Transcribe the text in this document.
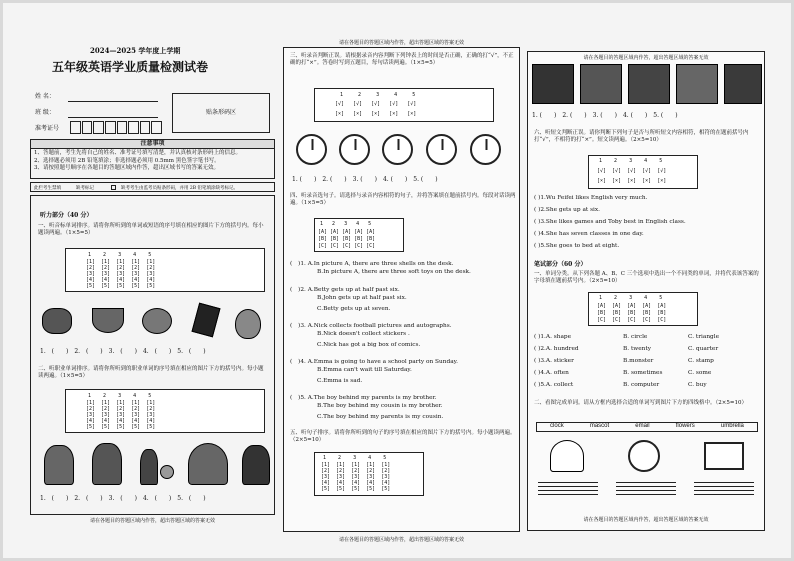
2024—2025 学年度上学期
五年级英语学业质量检测试卷
姓 名：
班 级：
准考证号
贴条形码区
注意事项
1、答题前，考生先将自己的姓名、准考证号填写清楚，并认真核对条形码上的信息。
2、选择题必须用 2B 铅笔填涂；非选择题必须用 0.5mm 黑色签字笔书写。
3、请按照题号顺序在各题目的答题区域内作答，超出区域书写的答案无效。
此栏考生禁填	缺考标记	缺考考生由监考员贴条形码，并用 2B 铅笔填涂缺考标记。
听力部分（40 分）
一、听音标单词排序。请将你所听到的单词或短语的序号填在相应的图片下方的括号内。每小题读两遍。（1×5=5）
1    2    3    4    5
[1]  [1]  [1]  [1]  [1]
[2]  [2]  [2]  [2]  [2]
[3]  [3]  [3]  [3]  [3]
[4]  [4]  [4]  [4]  [4]
[5]  [5]  [5]  [5]  [5]
1. (　　)　2. (　　)　3. (　　)　4. (　　)　5. (　　)
二、听职业单词排序。请将你所听到的职业单词的序号填在相应的图片下方的括号内。每小题读两遍。（1×5=5）
1    2    3    4    5
[1]  [1]  [1]  [1]  [1]
[2]  [2]  [2]  [2]  [2]
[3]  [3]  [3]  [3]  [3]
[4]  [4]  [4]  [4]  [4]
[5]  [5]  [5]  [5]  [5]
1. (　　)　2. (　　)　3. (　　)　4. (　　)　5. (　　)
请在各题目的答题区域内作答，超出答题区域的答案无效
请在各题目的答题区域内作答，超出答题区域的答案无效
三、听录音判断正误。请根据录音内容判断下列钟表上的时间是否正确，正确的打“√”，不正确的打“×”。答卷时写到五题目，每句话读两遍。（1×5=5）
1     2     3     4     5
[√]   [√]   [√]   [√]   [√]
[×]   [×]   [×]   [×]   [×]
1. (　　)　2. (　　)　3. (　　)　4. (　　)　5. (　　)
四、听录音选句子。请选择与录音内容相符的句子，并将答案填在题前括号内。每段对话读两遍。（1×5=5）
1   2   3   4   5
[A] [A] [A] [A] [A]
[B] [B] [B] [B] [B]
[C] [C] [C] [C] [C]
(　)1. A.In picture A, there are three shells on the desk.
B.In picture A, there are three soft toys on the desk.
(　)2. A.Betty gets up at half past six.
B.John gets up at half past six.
C.Betty gets up at seven.
(　)3. A.Nick collects football pictures and autographs.
B.Nick doesn't collect stickers .
C.Nick has got a big box of comics.
(　)4. A.Emma is going to have a school party on Sunday.
B.Emma can't wait till Saturday.
C.Emma is sad.
(　)5. A.The boy behind my parents is my brother.
B.The boy behind my cousin is my brother.
C.The boy behind my parents is my cousin.
五、听句子排序。请将你所听到的句子的序号填在相应的图片下方的括号内。每小题读两遍。（2×5=10）
1    2    3    4    5
[1]  [1]  [1]  [1]  [1]
[2]  [2]  [2]  [2]  [2]
[3]  [3]  [3]  [3]  [3]
[4]  [4]  [4]  [4]  [4]
[5]  [5]  [5]  [5]  [5]
请在各题目的答题区域内作答，超出答题区域的答案无效
请在各题目的答题区域内作答，超出答题区域的答案无效
1. (　　)　2. (　　)　3. (　　)　4. (　　)　5. (　　)
六、听短文判断正误。请你判断下列句子是否与所听短文内容相符，相符的在题前括号内打“√”，不相符的打“×”。短文读两遍。（2×5=10）
1    2    3    4    5
[√]  [√]  [√]  [√]  [√]
[×]  [×]  [×]  [×]  [×]
( )1.Wu Feifei likes English very much.
( )2.She gets up at six.
( )3.She likes games and Toby best in English class.
( )4.She has seven classes in one day.
( )5.She goes to bed at eight.
笔试部分（60 分）
一、单词分类。从下列各题 A、B、C 三个选项中选出一个不同类的单词，并将代表该答案的字母填在题前括号内。（2×5=10）
1    2    3    4    5
[A]  [A]  [A]  [A]  [A]
[B]  [B]  [B]  [B]  [B]
[C]  [C]  [C]  [C]  [C]
( )1.A. shape	B. circle	C. triangle
( )2.A. hundred	B. twenty	C. quarter
( )3.A. sticker	B.monster	C. stamp
( )4.A. often	B. sometimes	C. some
( )5.A. collect	B. computer	C. buy
二、看图完成单词。请从方框内选择合适的单词写到图片下方的四线格中。（2×5=10）
clock	mascot	email	flowers	umbrella
请在各题目的答题区域内作答，超出答题区域的答案无效
